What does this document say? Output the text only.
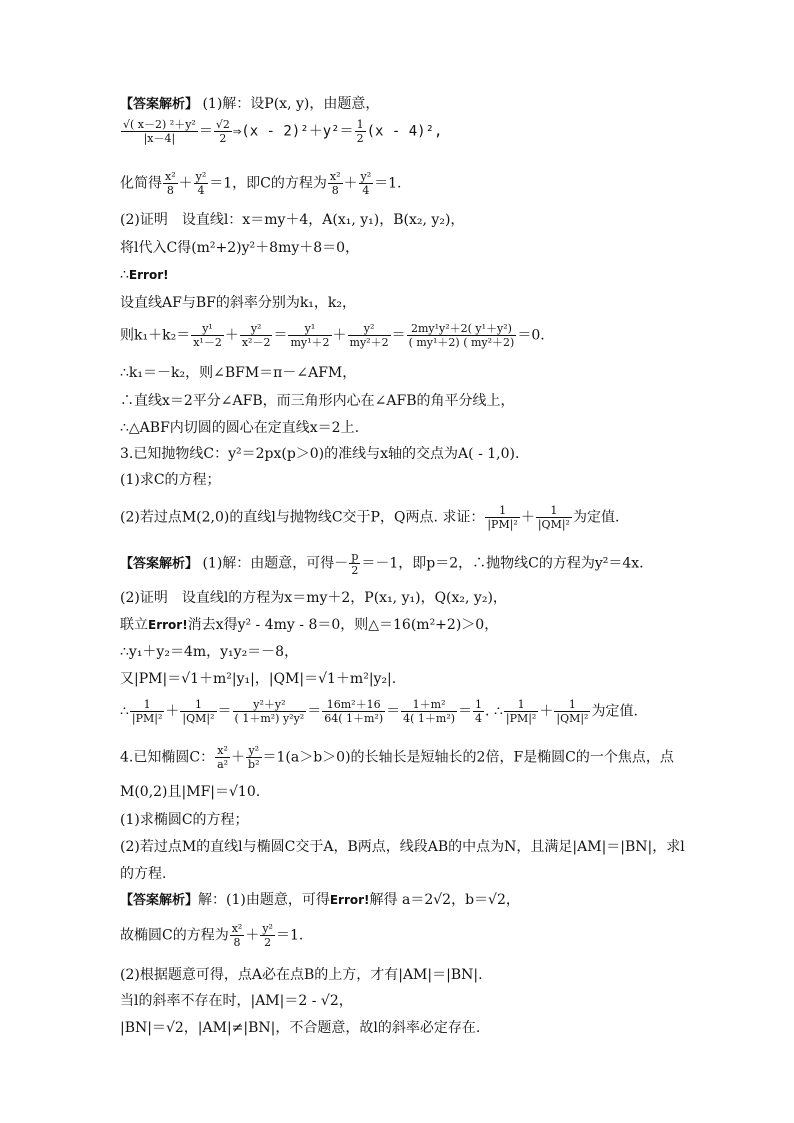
【答案解析】 (1)解：设P(x, y)，由题意，
$\frac{\text{√( x－2) ²＋y²}}{|x-4|} = \frac{√2}{2}$ ⇒(x - $2)^2+y^2= \frac{1}{2} (x - 4)^2$,
化简得 $\frac{\text{x²}}{8} + \frac{\text{y²}}{4} =1$，即C的方程为 $\frac{\text{x²}}{8} + \frac{\text{y²}}{4} =1$.
(2)证明　设直线l：x＝my＋4，A(x₁, y₁)，B(x₂, y₂)，
将l代入C得(m²+2)y²＋8my＋8＝0，
∴Error!
设直线AF与BF的斜率分别为k₁，k₂，
则$k_1+k_2= \frac{\text{y¹}}{\text{x¹－2}} + \frac{\text{y²}}{\text{x²－2}} = \frac{\text{y¹}}{\text{my¹＋2}} + \frac{\text{y²}}{\text{my²＋2}} = \frac{\text{2my¹y²＋2( y¹＋y²)}}{\text{( my¹＋2) ( my²＋2)}} =0$.
∴k₁＝－k₂，则∠BFM＝π－∠AFM，
∴直线x＝2平分∠AFB，而三角形内心在∠AFB的角平分线上，
∴△ABF内切圆的圆心在定直线x＝2上.
3.已知抛物线C：y²＝2px(p＞0)的准线与x轴的交点为A( - 1,0).
(1)求C的方程；
(2)若过点M(2,0)的直线l与抛物线C交于P，Q两点. 求证： $\frac{1}{\text{|PM|²}} + \frac{1}{\text{|QM|²}}$ 为定值.
【答案解析】 (1)解：由题意，可得－ $\frac{p}{2} =-1$，即p＝2，∴抛物线C的方程为y²＝4x.
(2)证明　设直线l的方程为x＝my＋2，P(x₁, y₁)，Q(x₂, y₂)，
联立Error!消去x得y² - 4my - 8＝0，则△＝16(m²+2)＞0，
∴y₁＋y₂＝4m，y₁y₂＝－8，
又|PM|＝√1＋m²|y₁|，|QM|＝√1＋m²|y₂|.
∴ $\frac{1}{\text{|PM|²}} + \frac{1}{\text{|QM|²}} = \frac{\text{y²＋y²}}{\text{( 1＋m²) y²y²}} = \frac{\text{16m²＋16}}{\text{64( 1＋m²)}} = \frac{\text{1＋m²}}{\text{4( 1＋m²)}} = \frac{1}{4}$ . ∴ $\frac{1}{\text{|PM|²}} + \frac{1}{\text{|QM|²}}$ 为定值.
4.已知椭圆C： $\frac{\text{x²}}{\text{a²}} + \frac{\text{y²}}{\text{b²}} =1(a>b>0)$的长轴长是短轴长的2倍，F是椭圆C的一个焦点，点
M(0,2)且|MF|＝√10.
(1)求椭圆C的方程；
(2)若过点M的直线l与椭圆C交于A，B两点，线段AB的中点为N，且满足|AM|＝|BN|，求l
的方程.
【答案解析】解：(1)由题意，可得Error!解得 a＝2√2，b＝√2，
故椭圆C的方程为 $\frac{\text{x²}}{8} + \frac{\text{y²}}{2} =1$.
(2)根据题意可得，点A必在点B的上方，才有|AM|＝|BN|.
当l的斜率不存在时，|AM|＝2 - √2，
|BN|＝√2，|AM|≠|BN|，不合题意，故l的斜率必定存在.
